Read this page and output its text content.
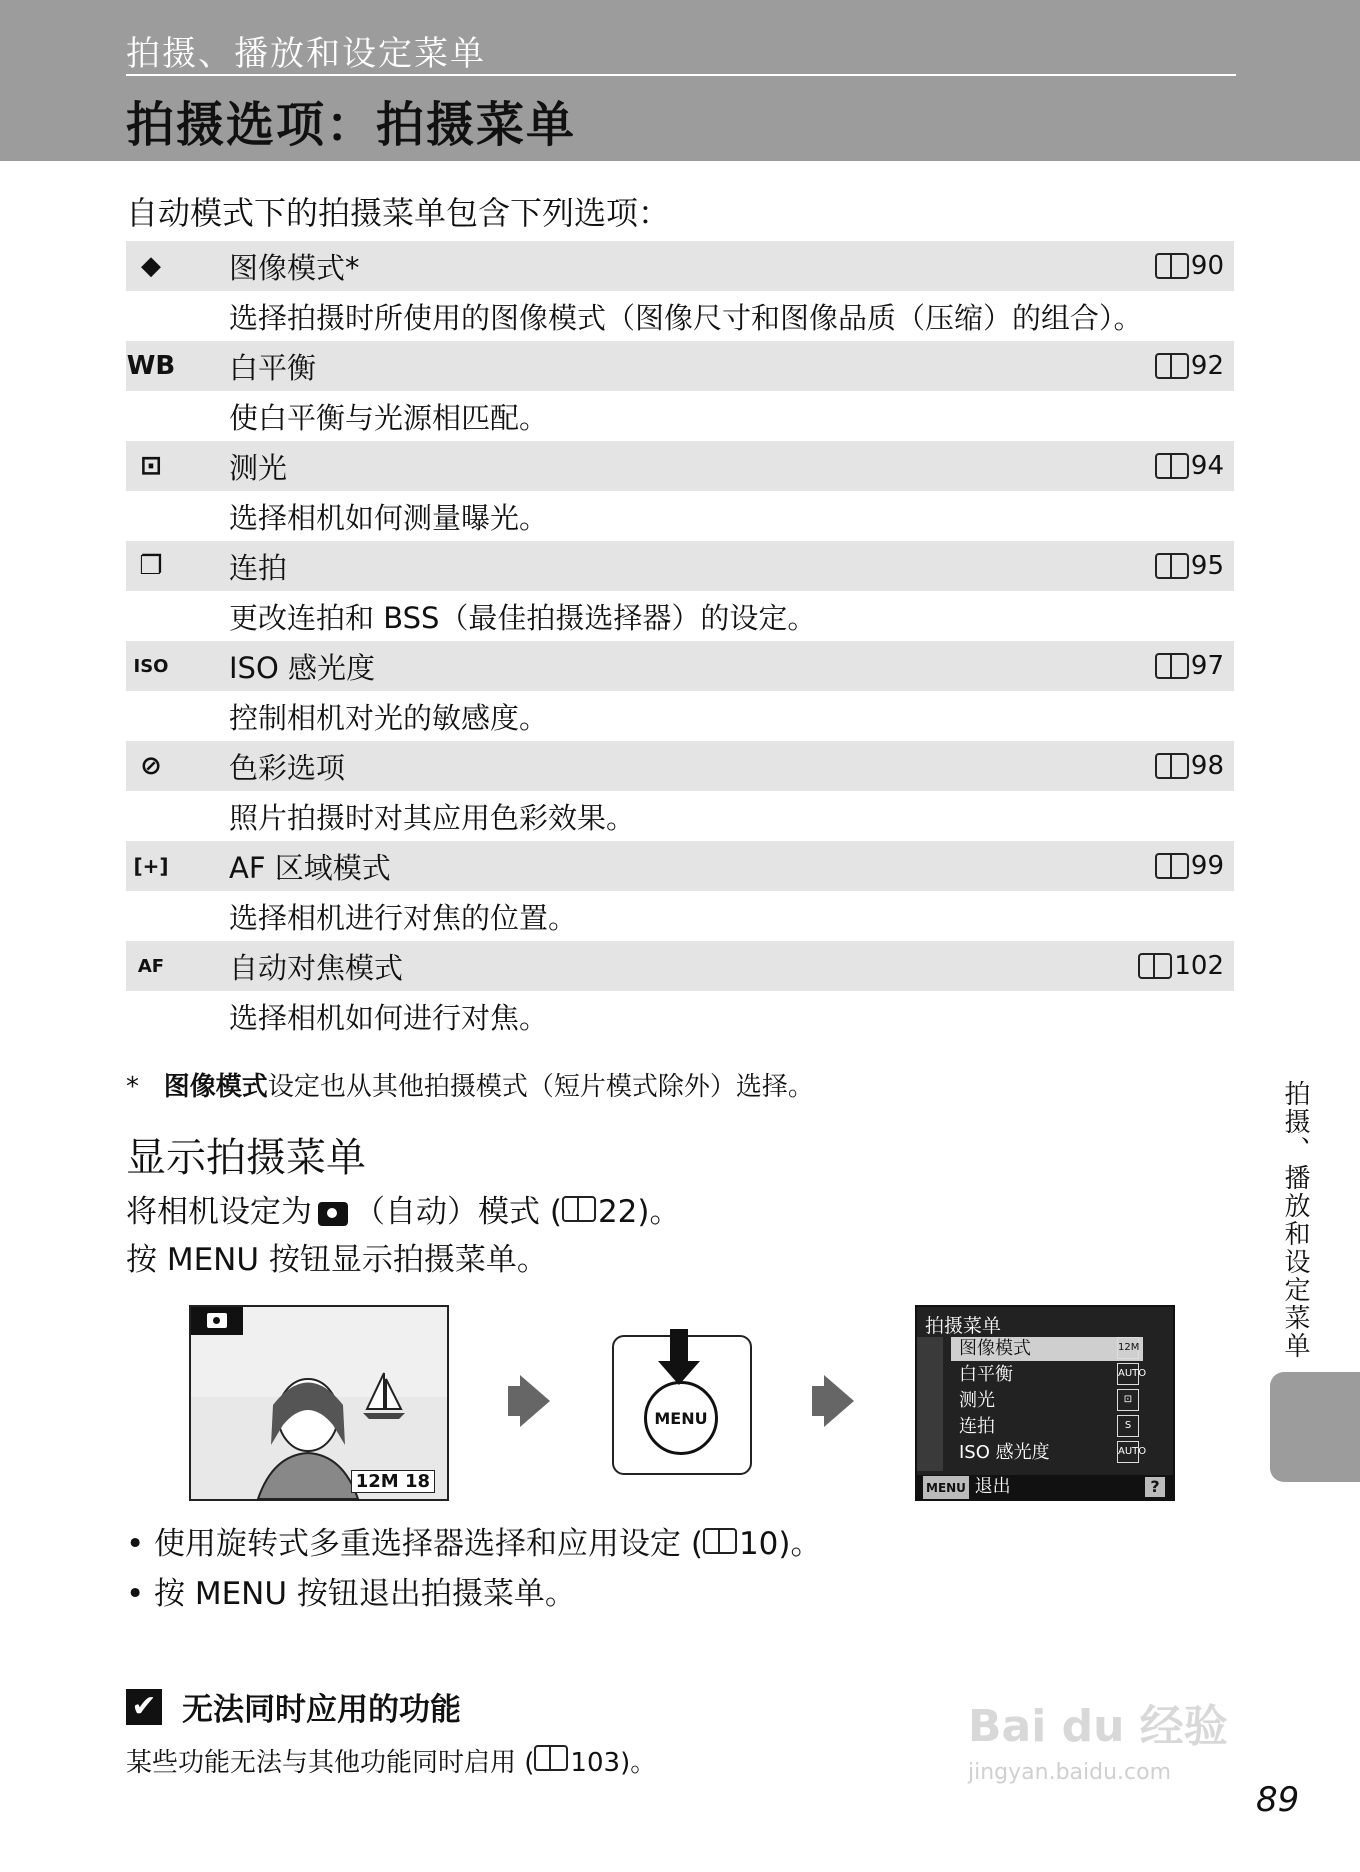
拍摄、播放和设定菜单
拍摄选项：拍摄菜单
自动模式下的拍摄菜单包含下列选项：
◆	图像模式*	90
选择拍摄时所使用的图像模式（图像尺寸和图像品质（压缩）的组合）。
WB 白平衡	92
使白平衡与光源相匹配。
⊡	测光	94
选择相机如何测量曝光。
❐	连拍	95
更改连拍和 BSS（最佳拍摄选择器）的设定。
ISO ISO 感光度	97
控制相机对光的敏感度。
⊘	色彩选项	98
照片拍摄时对其应用色彩效果。
[+] AF 区域模式	99
选择相机进行对焦的位置。
AF	自动对焦模式	102
选择相机如何进行对焦。
* 图像模式设定也从其他拍摄模式（短片模式除外）选择。
显示拍摄菜单
将相机设定为 （自动）模式 ( 22)。
按 MENU 按钮显示拍摄菜单。
12M 18
MENU
拍摄菜单
图像模式	12M
白平衡	AUTO
测光	⊡
连拍	S
ISO 感光度	AUTO
MENU 退出	?
• 使用旋转式多重选择器选择和应用设定 ( 10)。
• 按 MENU 按钮退出拍摄菜单。
✔ 无法同时应用的功能
某些功能无法与其他功能同时启用 ( 103)。
拍摄、播放和设定菜单
Bai du 经验
jingyan.baidu.com
89
